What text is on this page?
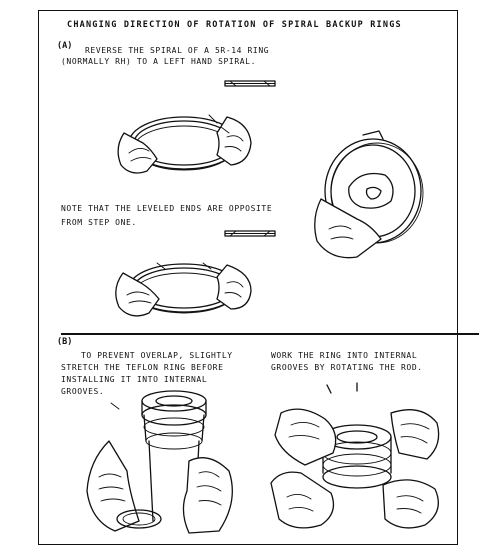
CHANGING DIRECTION OF ROTATION OF SPIRAL BACKUP RINGS
(A) REVERSE THE SPIRAL OF A 5R-14 RING
(NORMALLY RH) TO A LEFT HAND SPIRAL.
NOTE THAT THE LEVELED ENDS ARE OPPOSITE
FROM STEP ONE.
(B)
TO PREVENT OVERLAP, SLIGHTLY
STRETCH THE TEFLON RING BEFORE
INSTALLING IT INTO INTERNAL
GROOVES.
WORK THE RING INTO INTERNAL
GROOVES BY ROTATING THE ROD.
